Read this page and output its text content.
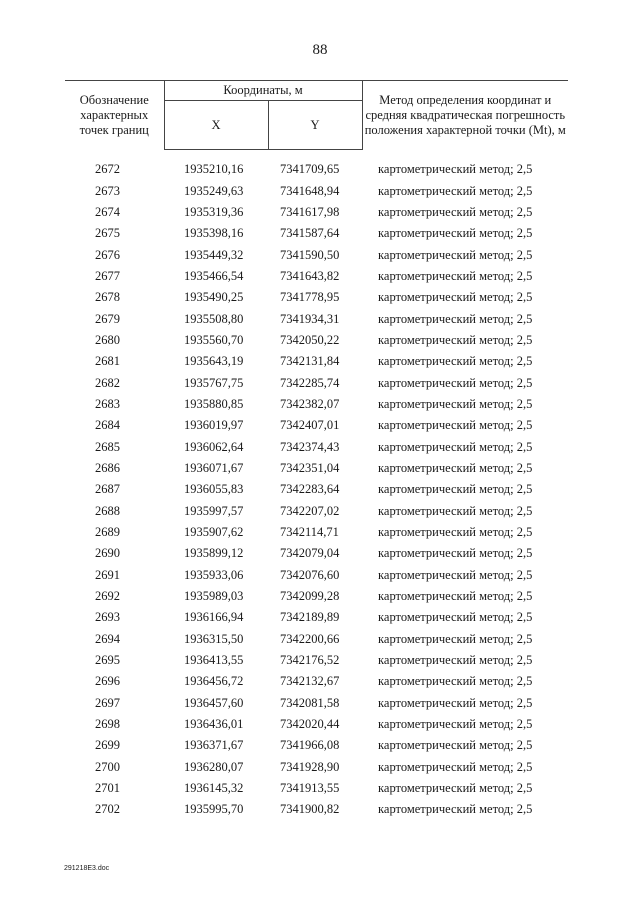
88
Обозначение характерных точек границ	Координаты, м		Метод определения координат и средняя квадратическая погрешность положения характерной точки (Mt), м
	X	Y	

2672	1935210,16	7341709,65	картометрический метод; 2,5
2673	1935249,63	7341648,94	картометрический метод; 2,5
2674	1935319,36	7341617,98	картометрический метод; 2,5
2675	1935398,16	7341587,64	картометрический метод; 2,5
2676	1935449,32	7341590,50	картометрический метод; 2,5
2677	1935466,54	7341643,82	картометрический метод; 2,5
2678	1935490,25	7341778,95	картометрический метод; 2,5
2679	1935508,80	7341934,31	картометрический метод; 2,5
2680	1935560,70	7342050,22	картометрический метод; 2,5
2681	1935643,19	7342131,84	картометрический метод; 2,5
2682	1935767,75	7342285,74	картометрический метод; 2,5
2683	1935880,85	7342382,07	картометрический метод; 2,5
2684	1936019,97	7342407,01	картометрический метод; 2,5
2685	1936062,64	7342374,43	картометрический метод; 2,5
2686	1936071,67	7342351,04	картометрический метод; 2,5
2687	1936055,83	7342283,64	картометрический метод; 2,5
2688	1935997,57	7342207,02	картометрический метод; 2,5
2689	1935907,62	7342114,71	картометрический метод; 2,5
2690	1935899,12	7342079,04	картометрический метод; 2,5
2691	1935933,06	7342076,60	картометрический метод; 2,5
2692	1935989,03	7342099,28	картометрический метод; 2,5
2693	1936166,94	7342189,89	картометрический метод; 2,5
2694	1936315,50	7342200,66	картометрический метод; 2,5
2695	1936413,55	7342176,52	картометрический метод; 2,5
2696	1936456,72	7342132,67	картометрический метод; 2,5
2697	1936457,60	7342081,58	картометрический метод; 2,5
2698	1936436,01	7342020,44	картометрический метод; 2,5
2699	1936371,67	7341966,08	картометрический метод; 2,5
2700	1936280,07	7341928,90	картометрический метод; 2,5
2701	1936145,32	7341913,55	картометрический метод; 2,5
2702	1935995,70	7341900,82	картометрический метод; 2,5
291218E3.doc
